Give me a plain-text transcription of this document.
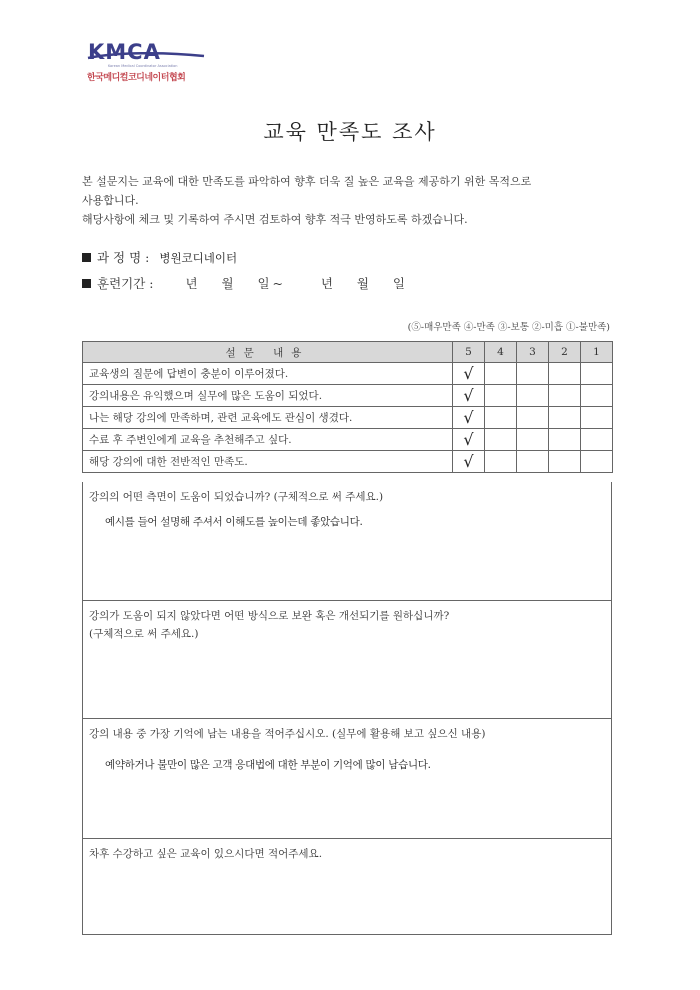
KMCA
Korean Medical Coordinator Association
한국메디컬코디네이터협회
교육 만족도 조사
본 설문지는 교육에 대한 만족도를 파악하여 향후 더욱 질 높은 교육을 제공하기 위한 목적으로
사용합니다.
해당사항에 체크 및 기록하여 주시면 검토하여 향후 적극 반영하도록 하겠습니다.
과 정 명 : 병원코디네이터
훈련기간 :	년   월   일~     년   월   일
(⑤-매우만족 ④-만족 ③-보통 ②-미흡 ①-불만족)
설문 내용	5	4	3	2	1
교육생의 질문에 답변이 충분이 이루어졌다.	√				
강의내용은 유익했으며 실무에 많은 도움이 되었다.	√				
나는 해당 강의에 만족하며, 관련 교육에도 관심이 생겼다.	√				
수료 후 주변인에게 교육을 추천해주고 싶다.	√				
해당 강의에 대한 전반적인 만족도.	√				
강의의 어떤 측면이 도움이 되었습니까? (구체적으로 써 주세요.)
예시를 들어 설명해 주셔서 이해도를 높이는데 좋았습니다.
강의가 도움이 되지 않았다면 어떤 방식으로 보완 혹은 개선되기를 원하십니까?
(구체적으로 써 주세요.)
강의 내용 중 가장 기억에 남는 내용을 적어주십시오. (실무에 활용해 보고 싶으신 내용)
예약하거나 불만이 많은 고객 응대법에 대한 부분이 기억에 많이 남습니다.
차후 수강하고 싶은 교육이 있으시다면 적어주세요.
